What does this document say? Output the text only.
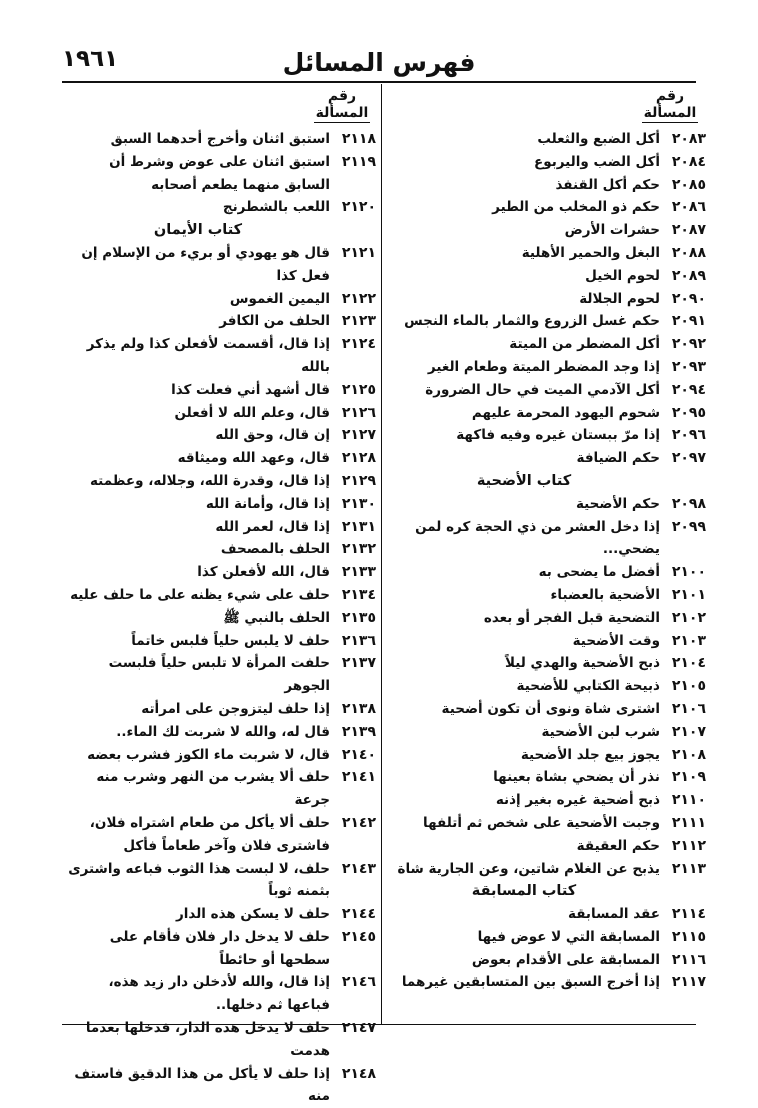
فهرس المسائل
١٩٦١
رقم
المسألة
رقم
المسألة
٢٠٨٣
أكل الضبع والثعلب
٢٠٨٤
أكل الضب واليربوع
٢٠٨٥
حكم أكل القنفذ
٢٠٨٦
حكم ذو المخلب من الطير
٢٠٨٧
حشرات الأرض
٢٠٨٨
البغل والحمير الأهلية
٢٠٨٩
لحوم الخيل
٢٠٩٠
لحوم الجلالة
٢٠٩١
حكم غسل الزروع والثمار بالماء النجس
٢٠٩٢
أكل المضطر من الميتة
٢٠٩٣
إذا وجد المضطر الميتة وطعام الغير
٢٠٩٤
أكل الآدمي الميت في حال الضرورة
٢٠٩٥
شحوم اليهود المحرمة عليهم
٢٠٩٦
إذا مرّ ببستان غيره وفيه فاكهة
٢٠٩٧
حكم الضيافة
كتاب الأضحية
٢٠٩٨
حكم الأضحية
٢٠٩٩
إذا دخل العشر من ذي الحجة كره لمن يضحي...
٢١٠٠
أفضل ما يضحى به
٢١٠١
الأضحية بالعضباء
٢١٠٢
التضحية قبل الفجر أو بعده
٢١٠٣
وقت الأضحية
٢١٠٤
ذبح الأضحية والهدي ليلاً
٢١٠٥
ذبيحة الكتابي للأضحية
٢١٠٦
اشترى شاة ونوى أن تكون أضحية
٢١٠٧
شرب لبن الأضحية
٢١٠٨
يجوز بيع جلد الأضحية
٢١٠٩
نذر أن يضحي بشاة بعينها
٢١١٠
ذبح أضحية غيره بغير إذنه
٢١١١
وجبت الأضحية على شخص ثم أتلفها
٢١١٢
حكم العقيقة
٢١١٣
يذبح عن الغلام شاتين، وعن الجارية شاة
كتاب المسابقة
٢١١٤
عقد المسابقة
٢١١٥
المسابقة التي لا عوض فيها
٢١١٦
المسابقة على الأقدام بعوض
٢١١٧
إذا أخرج السبق بين المتسابقين غيرهما
٢١١٨
استبق اثنان وأخرج أحدهما السبق
٢١١٩
استبق اثنان على عوض وشرط أن السابق منهما يطعم أصحابه
٢١٢٠
اللعب بالشطرنج
كتاب الأيمان
٢١٢١
قال هو يهودي أو بريء من الإسلام إن فعل كذا
٢١٢٢
اليمين الغموس
٢١٢٣
الحلف من الكافر
٢١٢٤
إذا قال، أقسمت لأفعلن كذا ولم يذكر بالله
٢١٢٥
قال أشهد أني فعلت كذا
٢١٢٦
قال، وعلم الله لا أفعلن
٢١٢٧
إن قال، وحق الله
٢١٢٨
قال، وعهد الله وميثاقه
٢١٢٩
إذا قال، وقدرة الله، وجلاله، وعظمته
٢١٣٠
إذا قال، وأمانة الله
٢١٣١
إذا قال، لعمر الله
٢١٣٢
الحلف بالمصحف
٢١٣٣
قال، الله لأفعلن كذا
٢١٣٤
حلف على شيء يظنه على ما حلف عليه
٢١٣٥
الحلف بالنبي ﷺ
٢١٣٦
حلف لا يلبس حلياً فلبس خاتماً
٢١٣٧
حلفت المرأة لا تلبس حلياً فلبست الجوهر
٢١٣٨
إذا حلف ليتزوجن على امرأته
٢١٣٩
قال له، والله لا شربت لك الماء..
٢١٤٠
قال، لا شربت ماء الكوز فشرب بعضه
٢١٤١
حلف ألا يشرب من النهر وشرب منه جرعة
٢١٤٢
حلف ألا يأكل من طعام اشتراه فلان، فاشترى فلان وآخر طعاماً فأكل
٢١٤٣
حلف، لا لبست هذا الثوب فباعه واشترى بثمنه ثوباً
٢١٤٤
حلف لا يسكن هذه الدار
٢١٤٥
حلف لا يدخل دار فلان فأقام على سطحها أو حائطاً
٢١٤٦
إذا قال، والله لأدخلن دار زيد هذه، فباعها ثم دخلها..
٢١٤٧
حلف لا يدخل هذه الدار، فدخلها بعدما هدمت
٢١٤٨
إذا حلف لا يأكل من هذا الدقيق فاستف منه
